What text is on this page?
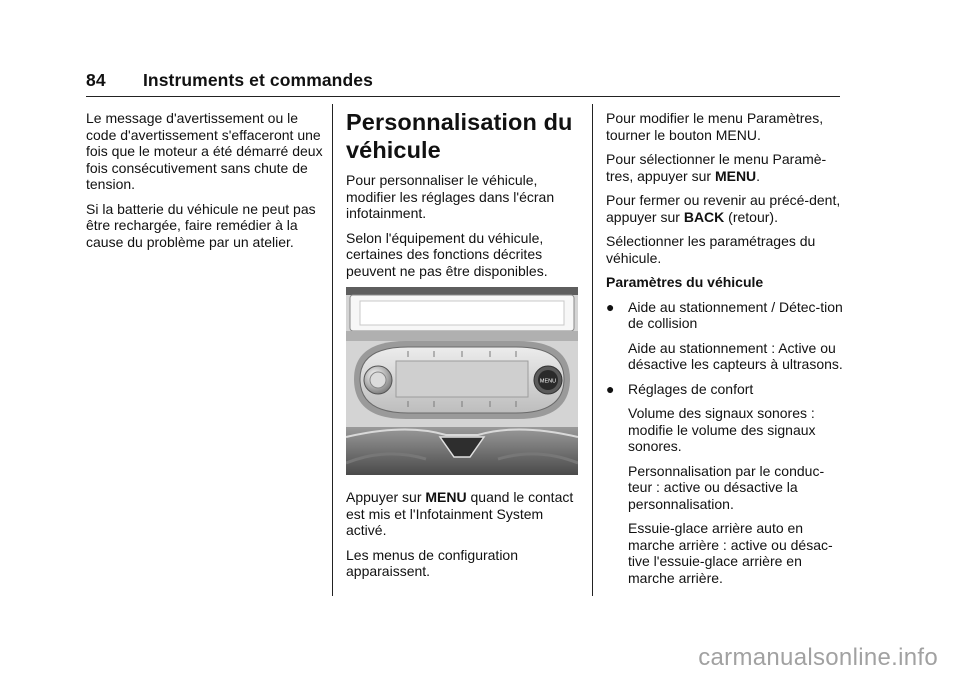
84 Instruments et commandes

Le message d'avertissement ou le code d'avertissement s'effaceront une fois que le moteur a été démarré deux fois consécutivement sans chute de tension.

Si la batterie du véhicule ne peut pas être rechargée, faire remédier à la cause du problème par un atelier.

Personnalisation du véhicule

Pour personnaliser le véhicule, modifier les réglages dans l'écran infotainment.

Selon l'équipement du véhicule, certaines des fonctions décrites peuvent ne pas être disponibles.

MENU

Appuyer sur MENU quand le contact est mis et l'Infotainment System activé.

Les menus de configuration apparaissent.

Pour modifier le menu Paramètres, tourner le bouton MENU.

Pour sélectionner le menu Paramè-tres, appuyer sur MENU.

Pour fermer ou revenir au précé-dent, appuyer sur BACK (retour).

Sélectionner les paramétrages du véhicule.

Paramètres du véhicule
● Aide au stationnement / Détec-tion de collision
Aide au stationnement : Active ou désactive les capteurs à ultrasons.
● Réglages de confort
Volume des signaux sonores : modifie le volume des signaux sonores.
Personnalisation par le conduc-teur : active ou désactive la personnalisation.
Essuie-glace arrière auto en marche arrière : active ou désac-tive l'essuie-glace arrière en marche arrière.
carmanualsonline.info
